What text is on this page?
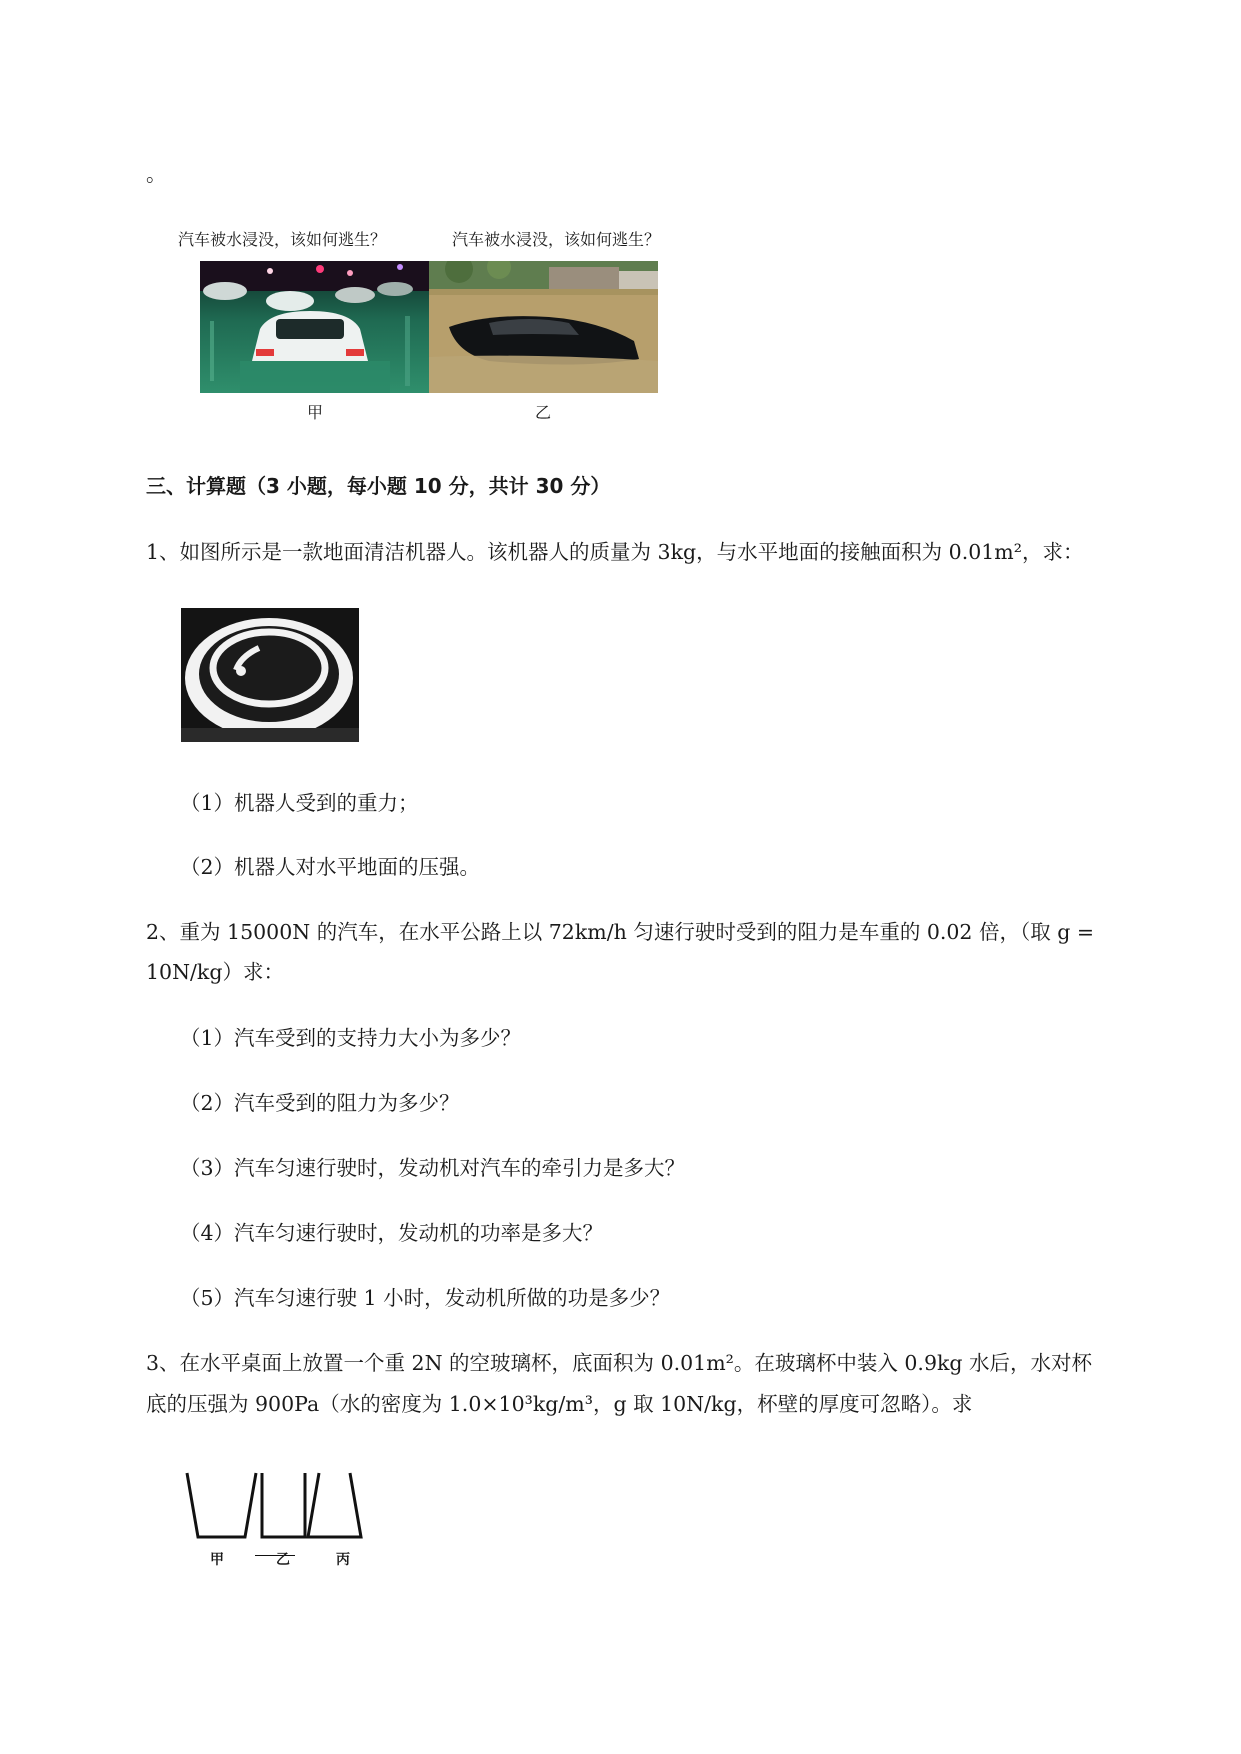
。
汽车被水浸没，该如何逃生？	汽车被水浸没，该如何逃生？
甲	乙
三、计算题（3 小题，每小题 10 分，共计 30 分）
1、如图所示是一款地面清洁机器人。该机器人的质量为 3kg，与水平地面的接触面积为 0.01m²，求：
（1）机器人受到的重力；
（2）机器人对水平地面的压强。
2、重为 15000N 的汽车，在水平公路上以 72km/h 匀速行驶时受到的阻力是车重的 0.02 倍，（取 g =
10N/kg）求：
（1）汽车受到的支持力大小为多少？
（2）汽车受到的阻力为多少？
（3）汽车匀速行驶时，发动机对汽车的牵引力是多大？
（4）汽车匀速行驶时，发动机的功率是多大？
（5）汽车匀速行驶 1 小时，发动机所做的功是多少？
3、在水平桌面上放置一个重 2N 的空玻璃杯，底面积为 0.01m²。在玻璃杯中装入 0.9kg 水后，水对杯
底的压强为 900Pa（水的密度为 1.0×10³kg/m³，g 取 10N/kg，杯壁的厚度可忽略）。求
甲	乙	丙
